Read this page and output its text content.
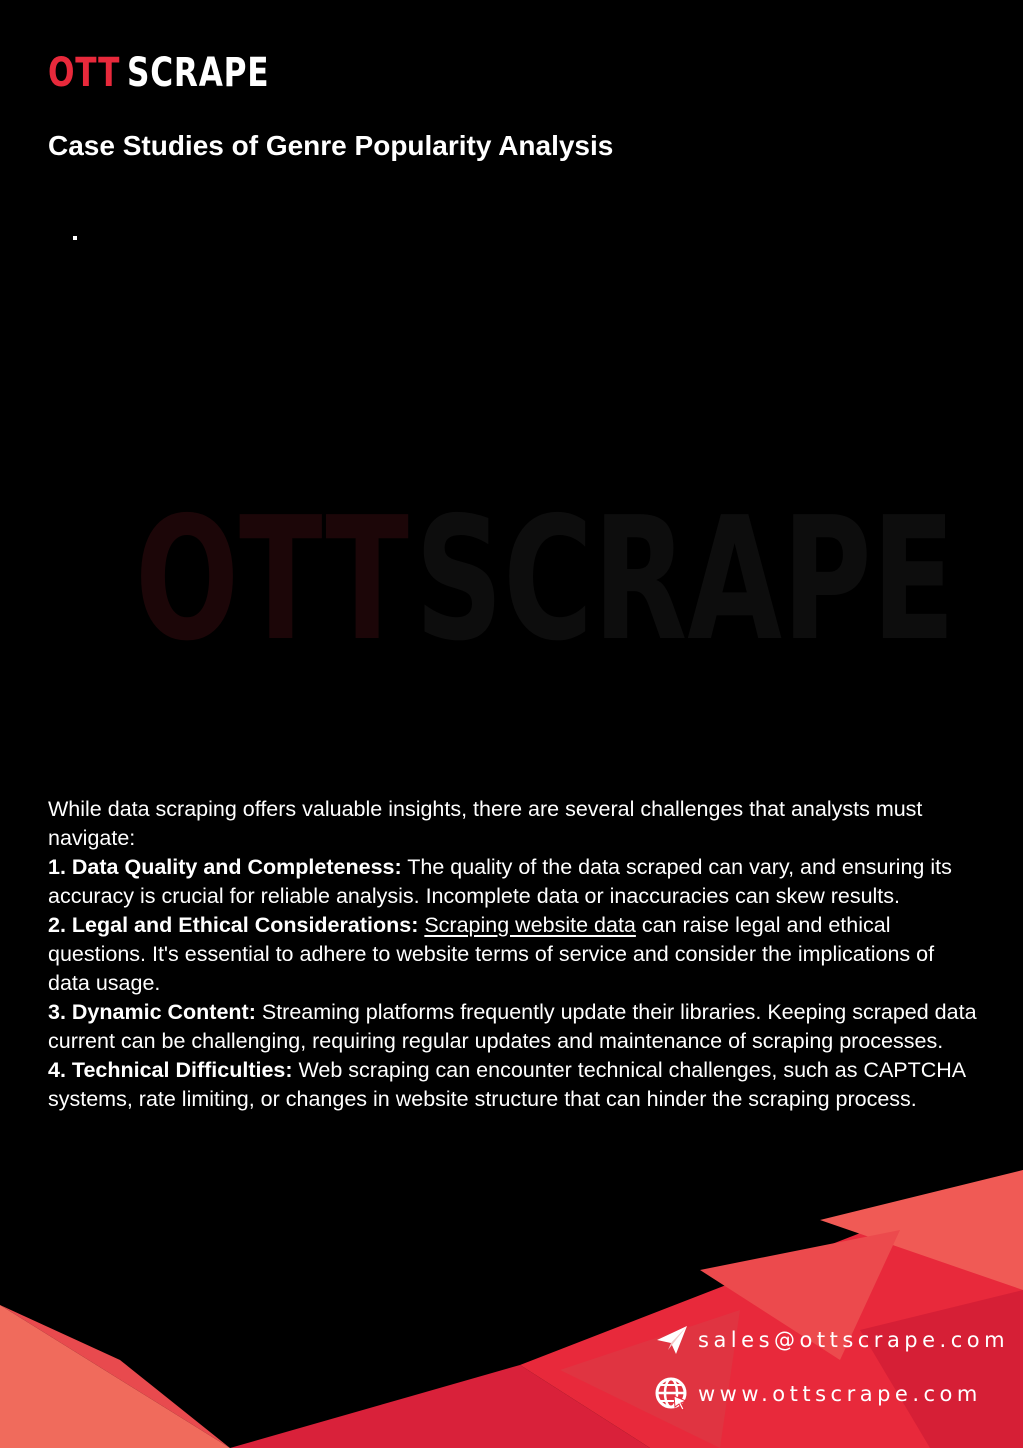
OTT SCRAPE
Case Studies of Genre Popularity Analysis
OTT SCRAPE

While data scraping offers valuable insights, there are several challenges that analysts must navigate:

1. Data Quality and Completeness: The quality of the data scraped can vary, and ensuring its accuracy is crucial for reliable analysis. Incomplete data or inaccuracies can skew results.

2. Legal and Ethical Considerations: Scraping website data can raise legal and ethical questions. It's essential to adhere to website terms of service and consider the implications of data usage.

3. Dynamic Content: Streaming platforms frequently update their libraries. Keeping scraped data current can be challenging, requiring regular updates and maintenance of scraping processes.

4. Technical Difficulties: Web scraping can encounter technical challenges, such as CAPTCHA systems, rate limiting, or changes in website structure that can hinder the scraping process.

sales@ottscrape.com
www.ottscrape.com
